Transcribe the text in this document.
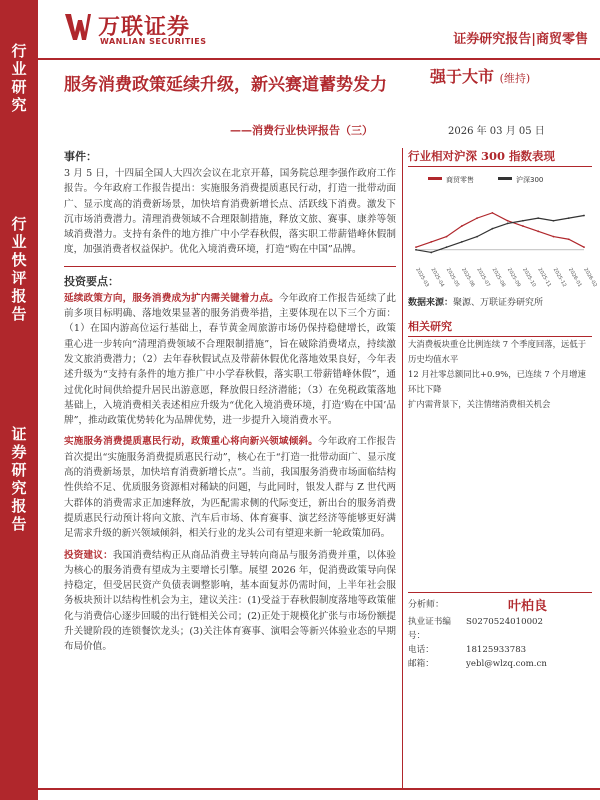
行
业
研
究
行
业
快
评
报
告
证
券
研
究
报
告
万联证券
WANLIAN SECURITIES	证券研究报告|商贸零售
服务消费政策延续升级，新兴赛道蓄势发力
——消费行业快评报告（三）
强于大市 (维持)
2026 年 03 月 05 日

事件：

3 月 5 日，十四届全国人大四次会议在北京开幕，国务院总理李强作政府工作报告。今年政府工作报告提出：实施服务消费提质惠民行动，打造一批带动面广、显示度高的消费新场景，加快培育消费新增长点、活跃线下消费。激发下沉市场消费潜力。清理消费领域不合理限制措施，释放文旅、赛事、康养等领域消费潜力。支持有条件的地方推广中小学春秋假，落实职工带薪错峰休假制度，加强消费者权益保护。优化入境消费环境，打造“购在中国”品牌。

投资要点：

延续政策方向，服务消费成为扩内需关键着力点。今年政府工作报告延续了此前多项目标明确、落地效果显著的服务消费举措，主要体现在以下三个方面：（1）在国内游高位运行基础上，春节黄金周旅游市场仍保持稳健增长，政策重心进一步转向“清理消费领域不合理限制措施”，旨在破除消费堵点，持续激发文旅消费潜力；（2）去年春秋假试点及带薪休假优化落地效果良好，今年表述升级为“支持有条件的地方推广中小学春秋假，落实职工带薪错峰休假”，通过优化时间供给提升居民出游意愿，释放假日经济潜能；（3）在免税政策落地基础上，入境消费相关表述相应升级为“优化入境消费环境，打造‘购在中国’品牌”，推动政策优势转化为品牌优势，进一步提升入境消费水平。

实施服务消费提质惠民行动，政策重心将向新兴领域倾斜。今年政府工作报告首次提出“实施服务消费提质惠民行动”，核心在于“打造一批带动面广、显示度高的消费新场景，加快培育消费新增长点”。当前，我国服务消费市场面临结构性供给不足、优质服务资源相对稀缺的问题，与此同时，银发人群与 Z 世代两大群体的消费需求正加速释放，为匹配需求侧的代际变迁，新出台的服务消费提质惠民行动预计将向文旅、汽车后市场、体育赛事、演艺经济等能够更好满足需求升级的新兴领域倾斜，相关行业的龙头公司有望迎来新一轮政策加码。

投资建议：我国消费结构正从商品消费主导转向商品与服务消费并重，以体验为核心的服务消费有望成为主要增长引擎。展望 2026 年，促消费政策导向保持稳定，但受居民资产负债表调整影响，基本面复苏仍需时间，上半年社会服务板块预计以结构性机会为主，建议关注：(1)受益于春秋假制度落地等政策催化与消费信心逐步回暖的出行链相关公司；(2)正处于规模化扩张与市场份额提升关键阶段的连锁餐饮龙头；(3)关注体育赛事、演唱会等新兴体验业态的早期布局价值。

行业相对沪深 300 指数表现
商贸零售	沪深300
2025-03 2025-04 2025-05 2025-06 2025-07 2025-08 2025-09 2025-10 2025-11 2025-12 2026-01 2026-02
数据来源：聚源、万联证券研究所
相关研究
大消费板块重仓比例连续 7 个季度回落，远低于历史均值水平
12 月社零总额同比+0.9%，已连续 7 个月增速环比下降
扩内需背景下，关注情绪消费相关机会
分析师：	叶柏良
执业证书编号：
S0270524010002
电话：	18125933783
邮箱：	yebl@wlzq.com.cn
